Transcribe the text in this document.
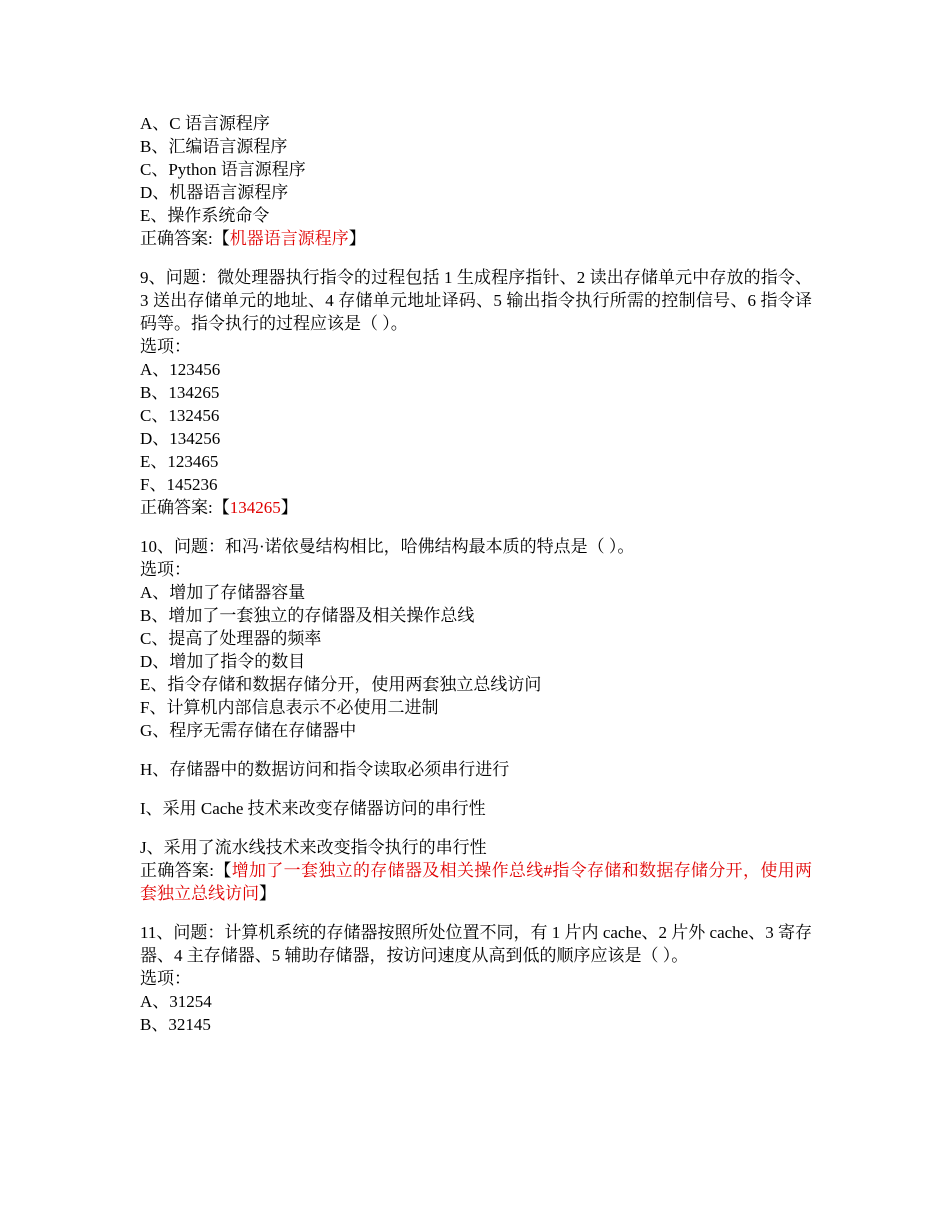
A、C 语言源程序
B、汇编语言源程序
C、Python 语言源程序
D、机器语言源程序
E、操作系统命令
正确答案:【机器语言源程序】
9、问题：微处理器执行指令的过程包括 1 生成程序指针、2 读出存储单元中存放的指令、3 送出存储单元的地址、4 存储单元地址译码、5 输出指令执行所需的控制信号、6 指令译码等。指令执行的过程应该是（ ）。
选项：
A、123456
B、134265
C、132456
D、134256
E、123465
F、145236
正确答案:【134265】
10、问题：和冯·诺依曼结构相比，哈佛结构最本质的特点是（ ）。
选项：
A、增加了存储器容量
B、增加了一套独立的存储器及相关操作总线
C、提高了处理器的频率
D、增加了指令的数目
E、指令存储和数据存储分开，使用两套独立总线访问
F、计算机内部信息表示不必使用二进制
G、程序无需存储在存储器中
H、存储器中的数据访问和指令读取必须串行进行
I、采用 Cache 技术来改变存储器访问的串行性
J、采用了流水线技术来改变指令执行的串行性
正确答案:【增加了一套独立的存储器及相关操作总线#指令存储和数据存储分开，使用两套独立总线访问】
11、问题：计算机系统的存储器按照所处位置不同，有 1 片内 cache、2 片外 cache、3 寄存器、4 主存储器、5 辅助存储器，按访问速度从高到低的顺序应该是（ ）。
选项：
A、31254
B、32145
